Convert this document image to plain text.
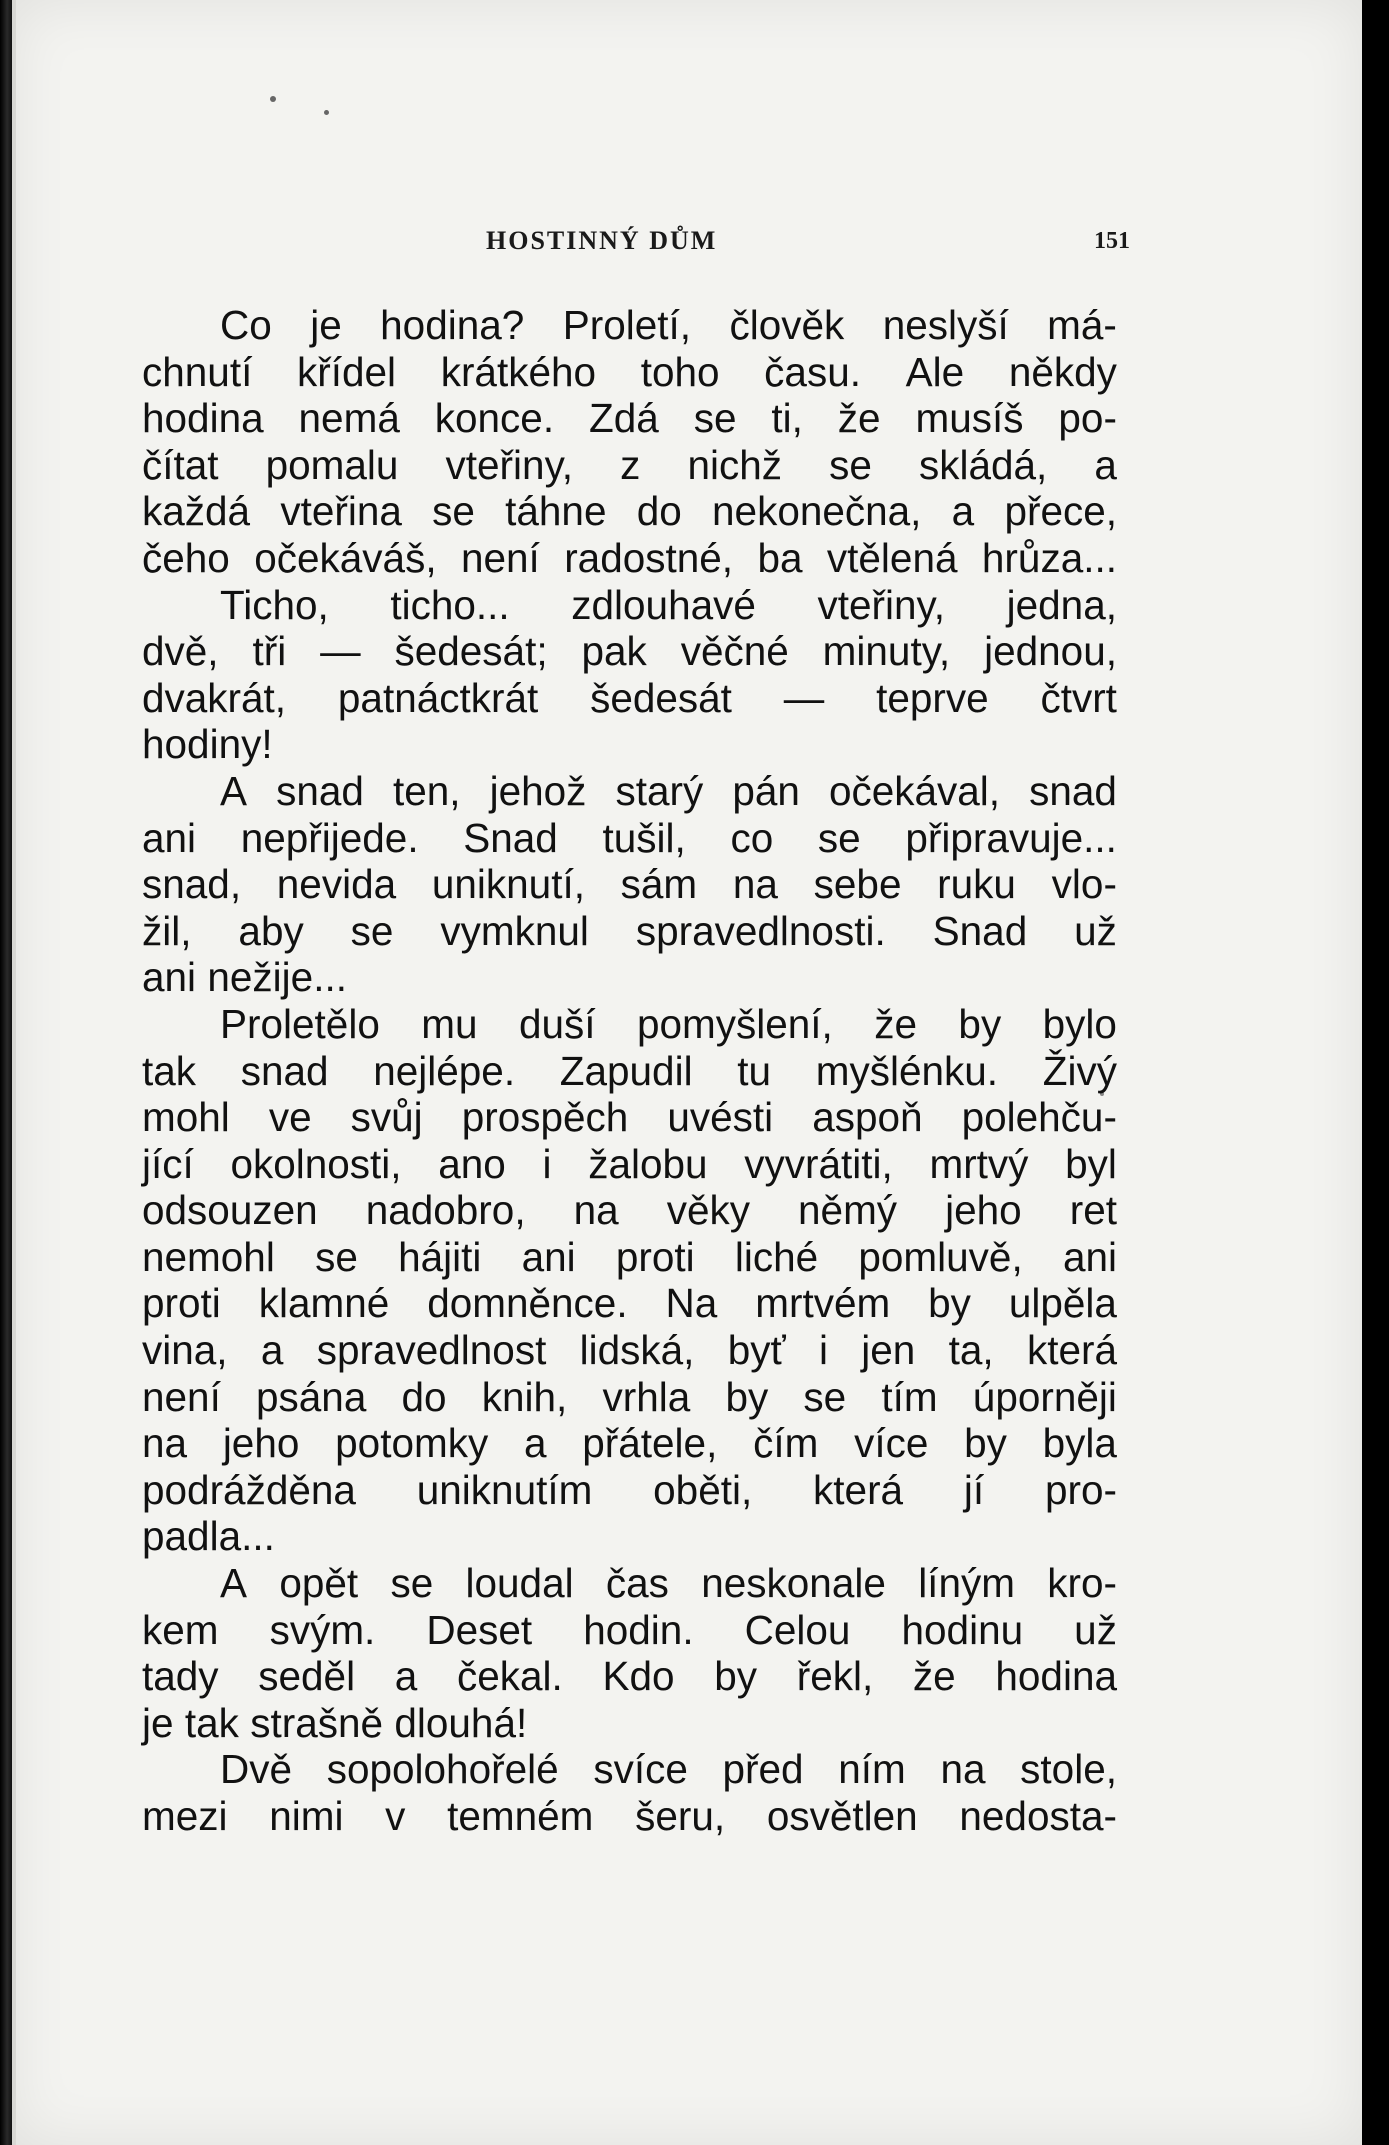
HOSTINNÝ DŮM	151
Co je hodina? Proletí, člověk neslyší má-
chnutí křídel krátkého toho času. Ale někdy
hodina nemá konce. Zdá se ti, že musíš po-
čítat pomalu vteřiny, z nichž se skládá, a
každá vteřina se táhne do nekonečna, a přece,
čeho očekáváš, není radostné, ba vtělená hrůza...
Ticho, ticho... zdlouhavé vteřiny, jedna,
dvě, tři — šedesát; pak věčné minuty, jednou,
dvakrát, patnáctkrát šedesát — teprve čtvrt
hodiny!
A snad ten, jehož starý pán očekával, snad
ani nepřijede. Snad tušil, co se připravuje...
snad, nevida uniknutí, sám na sebe ruku vlo-
žil, aby se vymknul spravedlnosti. Snad už
ani nežije...
Proletělo mu duší pomyšlení, že by bylo
tak snad nejlépe. Zapudil tu myšlénku. Živý
mohl ve svůj prospěch uvésti aspoň polehču-
jící okolnosti, ano i žalobu vyvrátiti, mrtvý byl
odsouzen nadobro, na věky němý jeho ret
nemohl se hájiti ani proti liché pomluvě, ani
proti klamné domněnce. Na mrtvém by ulpěla
vina, a spravedlnost lidská, byť i jen ta, která
není psána do knih, vrhla by se tím úporněji
na jeho potomky a přátele, čím více by byla
podrážděna uniknutím oběti, která jí pro-
padla...
A opět se loudal čas neskonale líným kro-
kem svým. Deset hodin. Celou hodinu už
tady seděl a čekal. Kdo by řekl, že hodina
je tak strašně dlouhá!
Dvě sopolohořelé svíce před ním na stole,
mezi nimi v temném šeru, osvětlen nedosta-
